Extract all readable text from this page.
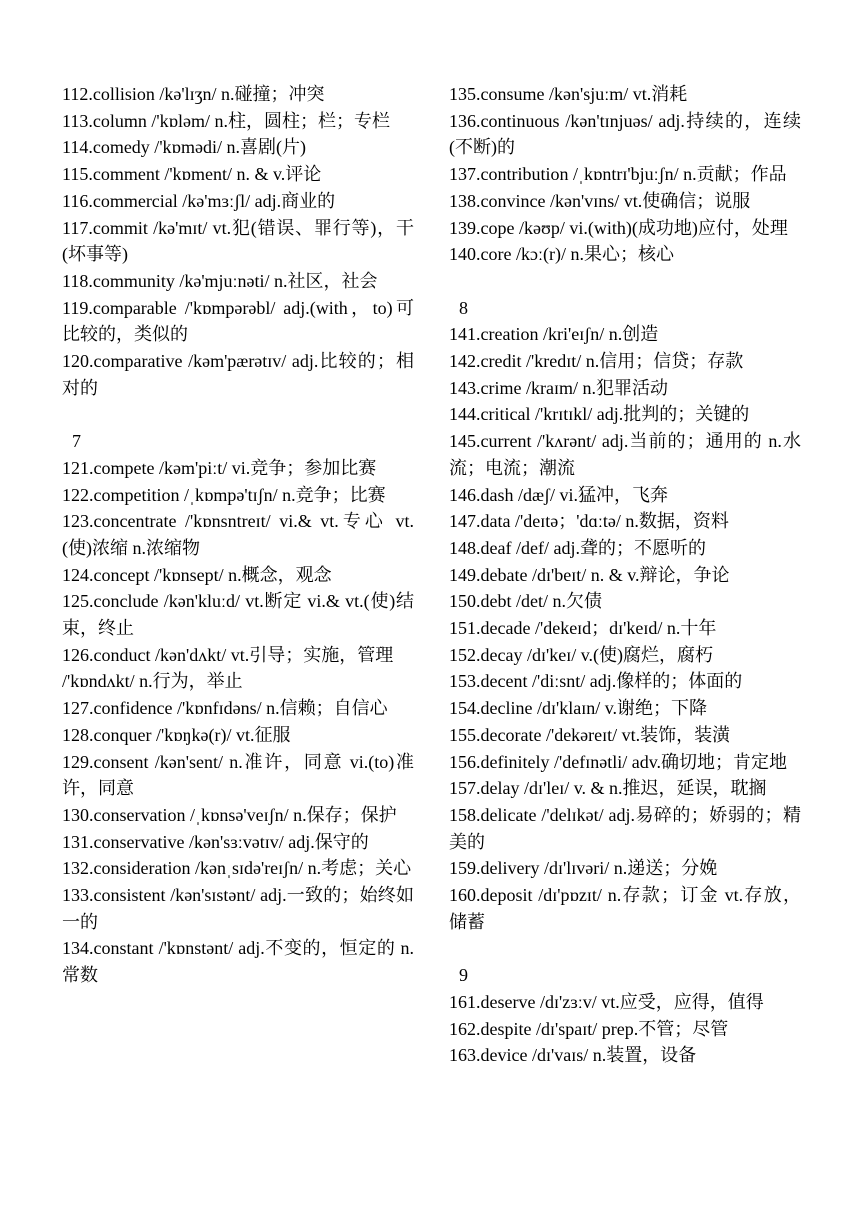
112.collision /kə'lɪʒn/ n.碰撞；冲突

113.column /'kɒləm/ n.柱，圆柱；栏；专栏

114.comedy /'kɒmədi/ n.喜剧(片)

115.comment /'kɒment/ n. & v.评论

116.commercial /kə'mɜːʃl/ adj.商业的

117.commit /kə'mɪt/ vt.犯(错误、罪行等)，干(坏事等)

118.community /kə'mjuːnəti/ n.社区，社会

119.comparable /'kɒmpərəbl/ adj.(with，to)可比较的，类似的

120.comparative /kəm'pærətɪv/ adj.比较的；相对的

7

121.compete /kəm'piːt/ vi.竞争；参加比赛

122.competition /ˌkɒmpə'tɪʃn/ n.竞争；比赛

123.concentrate /'kɒnsntreɪt/ vi.& vt.专心 vt.(使)浓缩 n.浓缩物

124.concept /'kɒnsept/ n.概念，观念

125.conclude /kən'kluːd/ vt.断定 vi.& vt.(使)结束，终止

126.conduct /kən'dʌkt/ vt.引导；实施，管理

/'kɒndʌkt/ n.行为，举止

127.confidence /'kɒnfɪdəns/ n.信赖；自信心

128.conquer /'kɒŋkə(r)/ vt.征服

129.consent /kən'sent/ n.准许，同意 vi.(to)准许，同意

130.conservation /ˌkɒnsə'veɪʃn/ n.保存；保护

131.conservative /kən'sɜːvətɪv/ adj.保守的

132.consideration /kənˌsɪdə'reɪʃn/ n.考虑；关心

133.consistent /kən'sɪstənt/ adj.一致的；始终如一的

134.constant /'kɒnstənt/ adj.不变的，恒定的 n.常数

135.consume /kən'sjuːm/ vt.消耗

136.continuous /kən'tɪnjuəs/ adj.持续的，连续(不断)的

137.contribution /ˌkɒntrɪ'bjuːʃn/ n.贡献；作品

138.convince /kən'vɪns/ vt.使确信；说服

139.cope /kəʊp/ vi.(with)(成功地)应付，处理

140.core /kɔː(r)/ n.果心；核心

8

141.creation /kri'eɪʃn/ n.创造

142.credit /'kredɪt/ n.信用；信贷；存款

143.crime /kraɪm/ n.犯罪活动

144.critical /'krɪtɪkl/ adj.批判的；关键的

145.current /'kʌrənt/ adj.当前的；通用的 n.水流；电流；潮流

146.dash /dæʃ/ vi.猛冲，飞奔

147.data /'deɪtə；'dɑːtə/ n.数据，资料

148.deaf /def/ adj.聋的；不愿听的

149.debate /dɪ'beɪt/ n. & v.辩论，争论

150.debt /det/ n.欠债

151.decade /'dekeɪd；dɪ'keɪd/ n.十年

152.decay /dɪ'keɪ/ v.(使)腐烂，腐朽

153.decent /'diːsnt/ adj.像样的；体面的

154.decline /dɪ'klaɪn/ v.谢绝；下降

155.decorate /'dekəreɪt/ vt.装饰，装潢

156.definitely /'defɪnətli/ adv.确切地；肯定地

157.delay /dɪ'leɪ/ v. & n.推迟，延误，耽搁

158.delicate /'delɪkət/ adj.易碎的；娇弱的；精美的

159.delivery /dɪ'lɪvəri/ n.递送；分娩

160.deposit /dɪ'pɒzɪt/ n.存款；订金 vt.存放，储蓄

9

161.deserve /dɪ'zɜːv/ vt.应受，应得，值得

162.despite /dɪ'spaɪt/ prep.不管；尽管

163.device /dɪ'vaɪs/ n.装置，设备
